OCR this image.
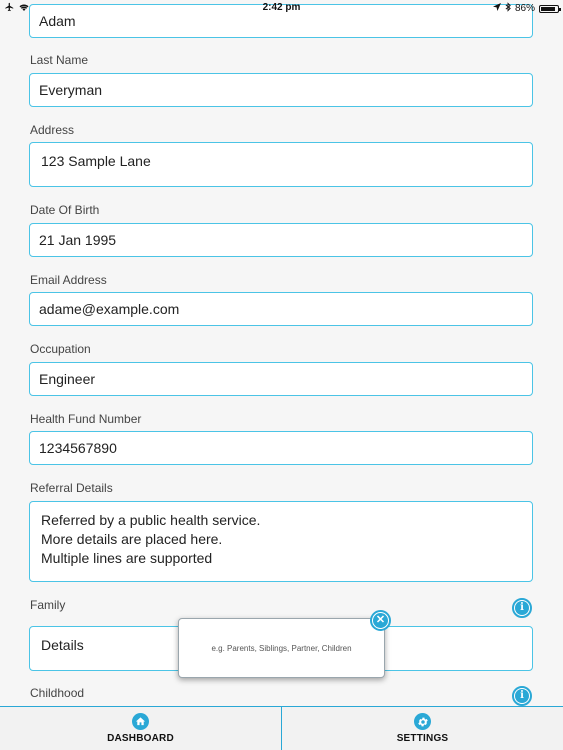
2:42 pm	86%
Adam
Last Name
Everyman
Address
123 Sample Lane
Date Of Birth
21 Jan 1995
Email Address
adame@example.com
Occupation
Engineer
Health Fund Number
1234567890
Referral Details
Referred by a public health service.
More details are placed here.
Multiple lines are supported
Family	i
Details
Childhood	i
e.g. Parents, Siblings, Partner, Children
✕
DASHBOARD	SETTINGS
